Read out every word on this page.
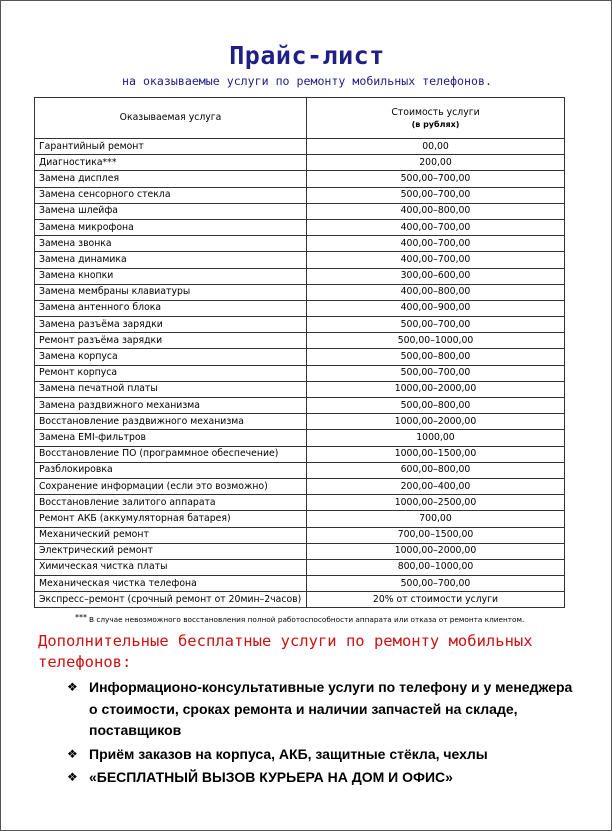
Прайс-лист
на оказываемые услуги по ремонту мобильных телефонов.
Оказываемая услуга	Стоимость услуги
(в рублях)

Гарантийный ремонт	00,00
Диагностика***	200,00
Замена дисплея	500,00–700,00
Замена сенсорного стекла	500,00–700,00
Замена шлейфа	400,00–800,00
Замена микрофона	400,00–700,00
Замена звонка	400,00–700,00
Замена динамика	400,00–700,00
Замена кнопки	300,00–600,00
Замена мембраны клавиатуры	400,00–800,00
Замена антенного блока	400,00–900,00
Замена разъёма зарядки	500,00–700,00
Ремонт разъёма зарядки	500,00–1000,00
Замена корпуса	500,00–800,00
Ремонт корпуса	500,00–700,00
Замена печатной платы	1000,00–2000,00
Замена раздвижного механизма	500,00–800,00
Восстановление раздвижного механизма	1000,00–2000,00
Замена EMI-фильтров	1000,00
Восстановление ПО (программное обеспечение)	1000,00–1500,00
Разблокировка	600,00–800,00
Сохранение информации (если это возможно)	200,00–400,00
Восстановление залитого аппарата	1000,00–2500,00
Ремонт АКБ (аккумуляторная батарея)	700,00
Механический ремонт	700,00–1500,00
Электрический ремонт	1000,00–2000,00
Химическая чистка платы	800,00–1000,00
Механическая чистка телефона	500,00–700,00
Экспресс–ремонт (срочный ремонт от 20мин–2часов)	20% от стоимости услуги
*** В случае невозможного восстановления полной работоспособности аппарата или отказа от ремонта клиентом.
Дополнительные бесплатные услуги по ремонту мобильных телефонов:
❖ Информационо-консультативные услуги по телефону и у менеджера о стоимости, сроках ремонта и наличии запчастей на складе, поставщиков
❖ Приём заказов на корпуса, АКБ, защитные стёкла, чехлы
❖ «БЕСПЛАТНЫЙ ВЫЗОВ КУРЬЕРА НА ДОМ И ОФИС»
